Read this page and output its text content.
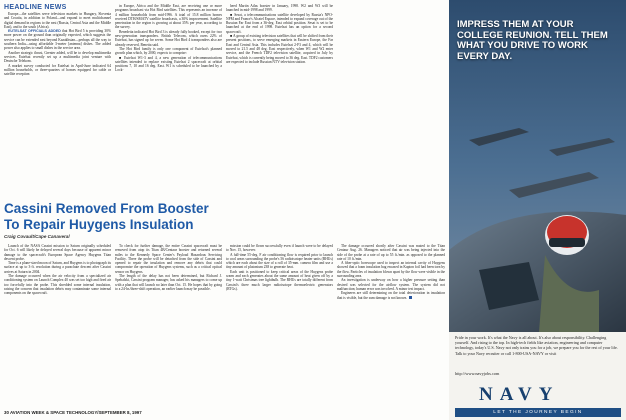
HEADLINE NEWS

Europe—the satellites serve television markets in Hungary, Slovenia and Croatia, in addition to Poland—and expand to meet multichannel digital demand in regions to the east (Russia, Central Asia and the Middle East), and to the south (Africa).

EUTELSAT OFFICIALS ADDED that Hot Bird 5 is providing 30% more power on the ground than originally expected, which suggests the service can be extended east beyond Kazakhstan—perhaps all the way to southern India—using affordable 3-meter [antenna] dishes. The added power also applies to small dishes in the service area.

Another strategic thrust, Grenier added, will be to develop multimedia services. Eutelsat recently set up a multimedia joint venture with Deutsche Telekom.

A market survey conducted for Eutelsat in April-June indicated 64 million households, or three-quarters of homes equipped for cable or satellite reception

in Europe, Africa and the Middle East, are receiving one or more programs broadcast via Hot Bird satellites. This represents an increase of 4 million households from mid-1996. A total of 15.8 million homes received DTH/SMATV satellite broadcasts, a 30% improvement. Satellite penetration in the region is growing at about 35% per year, according to the survey.

Benedetta indicated Hot Bird 3 is already fully booked, except for two new-generation transponders. British Telecom, which owns 22% of Eutelsat, has signed up for seven. Some Hot Bird 4 transponders also are already reserved, Benetta said.

The Hot Bird family is only one component of Eutelsat's planned growth plan which, by 2000, expects to comprise:

■ Eutelsat W1-3 and 4, a new generation of telecommunications satellites intended to replace existing Eutelsat 2 spacecraft at orbital positions 7, 10 and 16 deg. East. W1 is scheduled to be launched by a Lock-

heed Martin Atlas booster in January, 1998. W2 and W3 will be launched in mid-1998 and 1999.

■ Sesat, a telecommunications satellite developed by Russia's NPO-NPM and France's Alcatel Espace, intended to expand coverage out of the Russian Far East from a 36-deg. East orbital position. Sesat is set to be launched at the end of 1998. Eutelsat has an option for a second spacecraft.

■ A group of existing television satellites that will be shifted from their present positions, to serve emerging markets in Eastern Europe, the Far East and Central Asia. This includes Eutelsat 2-F3 and 4, which will be moved to 21.5 and 48 deg. East respectively, when W1 and W2 enter service, and the French TDF2 television satellite, acquired in July by Eutelsat, which is currently being moved to 36 deg. East. TDF2 customers are expected to include Russian NTV television station.

Cassini Removed From Booster
To Repair Huygens Insulation
Craig Covault/Cape Canaveral

Launch of the NASA Cassini mission to Saturn originally scheduled for Oct. 6 will likely be delayed several days because of apparent minor damage to the spacecraft's European Space Agency Huygens Titan descent probe.

Time is a plane-sized moon of Saturn, and Huygens is to photograph its surface at up to 3-ft. resolution during a parachute descent after Cassini arrives at Saturn in 2004.

The damage occurred when the air velocity from a specialized air conditioning system on Launch Complex 40 was set too high and fired air too forcefully into the probe. This shredded some internal insulation, raising the concern that insulation debris may contaminate some internal components on the spacecraft.

To check for further damage, the entire Cassini spacecraft must be removed from atop its Titan 4B/Centaur booster and returned several miles to the Kennedy Space Center's Payload Hazardous Servicing Facility. There the probe will be detached from the side of Cassini and opened to repair the insulation and remove any debris that could compromise the operation of Huygens systems, such as a critical optical sensor on Huygens.

The length of the delay has not been determined, but Richard J. Spehalski, Cassini program manager, has asked his managers to come up with a plan that will launch no later than Oct. 15. He hopes that by going to a 24-hr./three-shift operation, an earlier launch may be possible.

mission could be flown successfully even if launch were to be delayed to Nov. 15, however.

A full-time 55-deg. F air conditioning flow is required prior to launch to cool areas surrounding the probe's 56 radioisotope heater units (RHUs) which are each about the size of a roll of 35-mm. camera film and use a tiny amount of plutonium 238 to generate heat.

Each unit is positioned to keep critical areas of the Huygens probe warm and each generates about the same amount of heat given off by a tiny 1-watt Christmas tree lightbulb. The RHUs are totally different from Cassini's three much larger radioisotope thermoelectric generators (RTGs).

The damage occurred shortly after Cassini was mated to the Titan Centaur Aug. 26. Managers noticed that air was being injected into the side of the probe at a rate of up to 55 ft./min. as opposed to the planned rate of 10 ft./min.

A fiber-optic borescope used to inspect an internal cavity of Huygens showed that a foam insulation bag encased in Kapton foil had been torn by the flow. Particles of insulation blown apart by the flow were visible in the surrounding area.

An investigation is underway on how a higher pressure setting than desired was selected for the airflow system. The system did not malfunction; human error was involved. A minor test impact.

Engineers are still determining on the total deterioration in insulation that is visible, but the sum damage is not known.

30 AVIATION WEEK & SPACE TECHNOLOGY/SEPTEMBER 8, 1997
IMPRESS THEM AT YOUR COLLEGE REUNION. TELL THEM WHAT YOU DRIVE TO WORK EVERY DAY.
Pride in your work. It's what the Navy is all about. It's also about responsibility. Challenging yourself. And rising to the top. In high-tech fields like aviation, engineering and computer technology, today's U.S. Navy not only trains you for a job, we prepare you for the rest of your life. Talk to your Navy recruiter or call 1-800-USA-NAVY or visit
http://www.navyjobs.com
NAVY
LET THE JOURNEY BEGIN
